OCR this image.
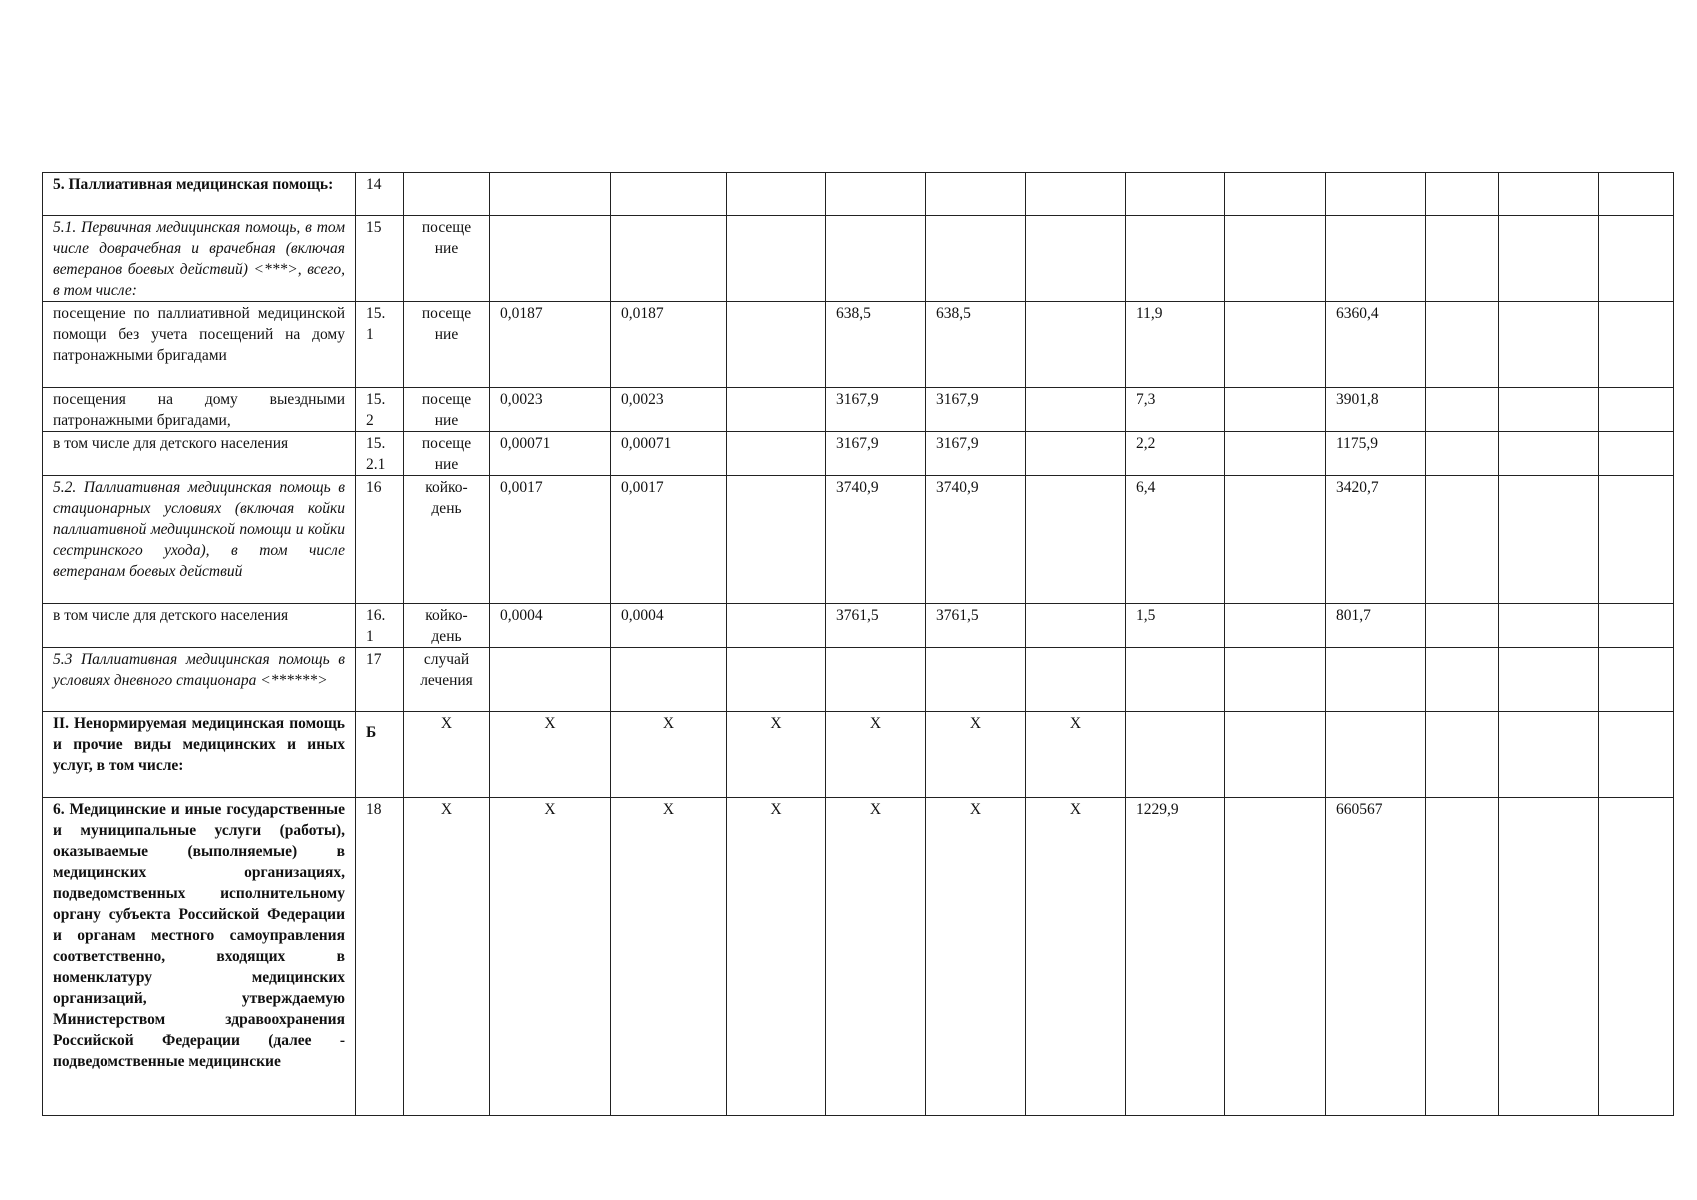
5. Паллиативная медицинская помощь:	14													
5.1. Первичная медицинская помощь, в том числе доврачебная и врачебная (включая ветеранов боевых действий) <***>, всего, в том числе:	15	посеще ние												
посещение по паллиативной медицинской помощи без учета посещений на дому патронажными бригадами	15. 1	посеще ние	0,0187	0,0187		638,5	638,5		11,9		6360,4			
посещения на дому выездными патронажными бригадами,	15. 2	посеще ние	0,0023	0,0023		3167,9	3167,9		7,3		3901,8			
в том числе для детского населения	15. 2.1	посеще ние	0,00071	0,00071		3167,9	3167,9		2,2		1175,9			
5.2. Паллиативная медицинская помощь в стационарных условиях (включая койки паллиативной медицинской помощи и койки сестринского ухода), в том числе ветеранам боевых действий	16	койко- день	0,0017	0,0017		3740,9	3740,9		6,4		3420,7			
в том числе для детского населения	16. 1	койко- день	0,0004	0,0004		3761,5	3761,5		1,5		801,7			
5.3 Паллиативная медицинская помощь в условиях дневного стационара <******>	17	случай лечения												
II. Ненормируемая медицинская помощь и прочие виды медицинских и иных услуг, в том числе:	Б	Х	Х	Х	Х	Х	Х	Х						
6. Медицинские и иные государственные и муниципальные услуги (работы), оказываемые (выполняемые) в медицинских организациях, подведомственных исполнительному органу субъекта Российской Федерации и органам местного самоуправления соответственно, входящих в номенклатуру медицинских организаций, утверждаемую Министерством здравоохранения Российской Федерации (далее - подведомственные медицинские	18	Х	Х	Х	Х	Х	Х	Х	1229,9		660567			
